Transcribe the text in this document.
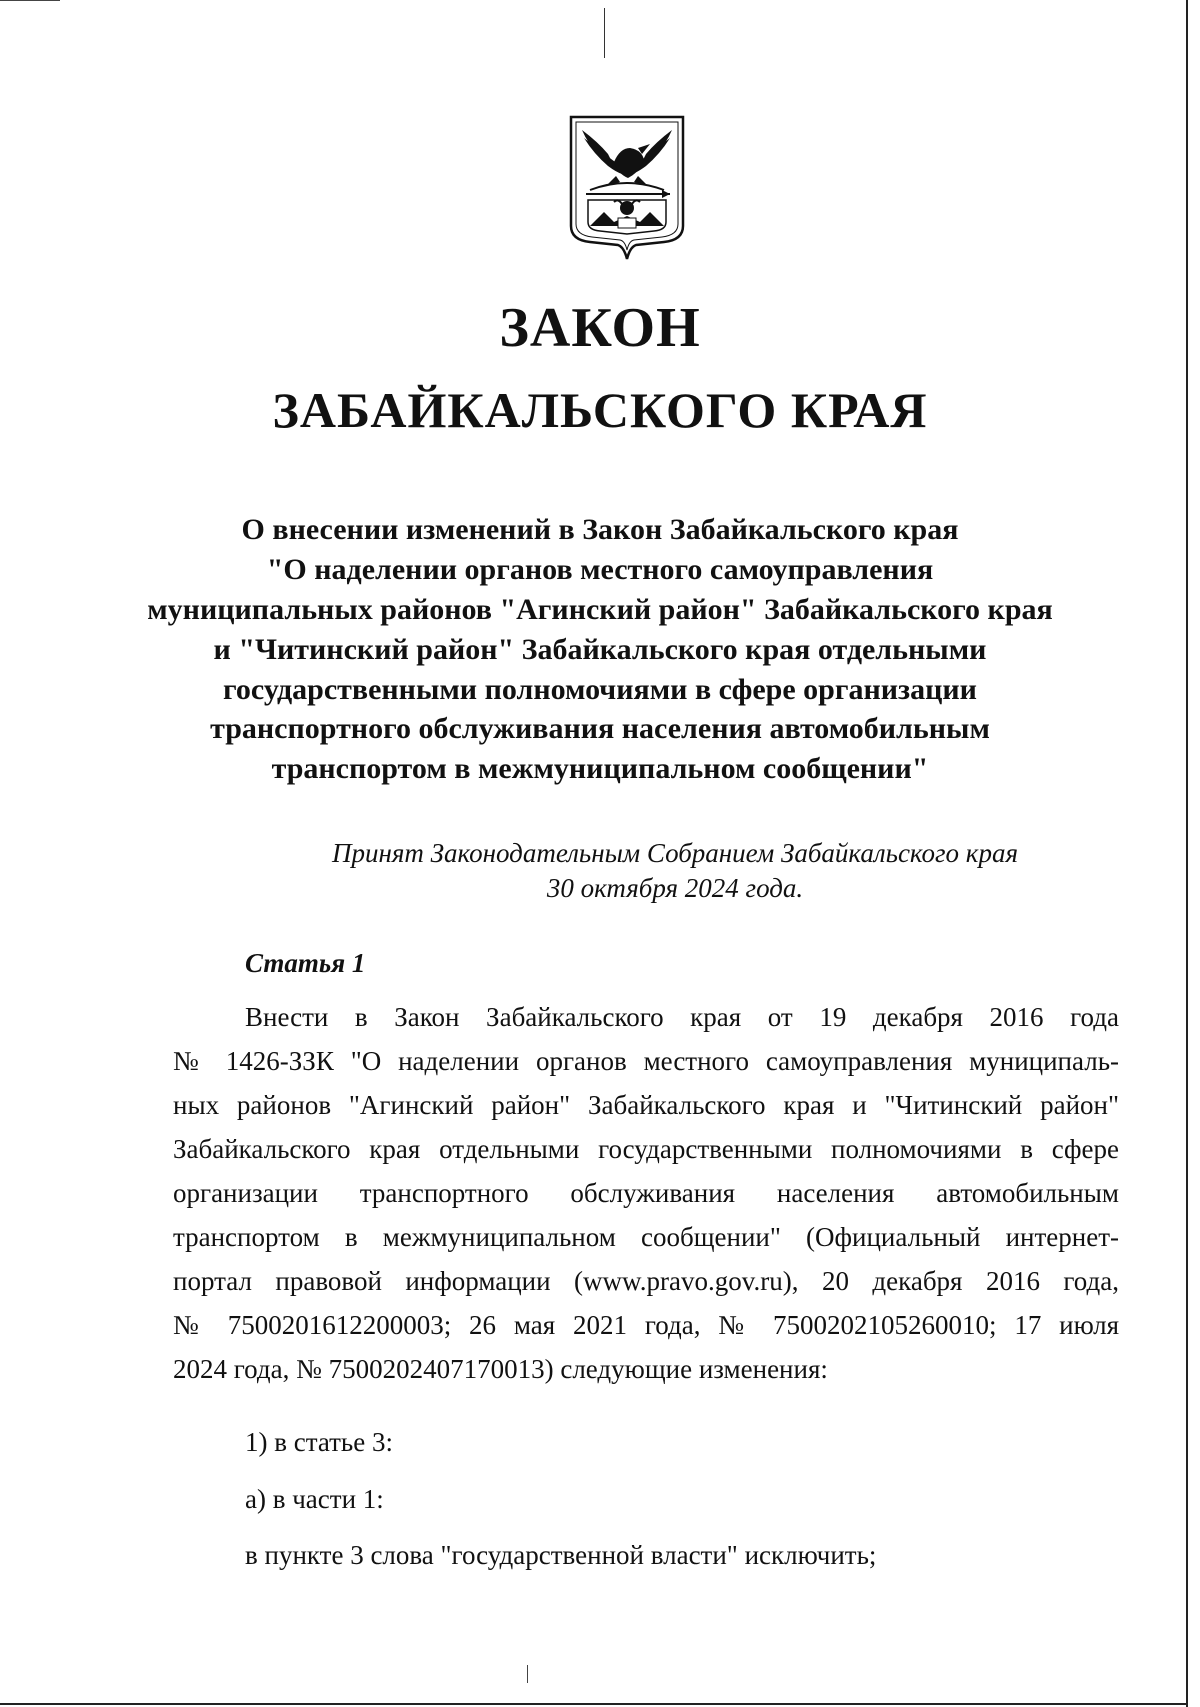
ЗАКОН
ЗАБАЙКАЛЬСКОГО КРАЯ
О внесении изменений в Закон Забайкальского края
"О наделении органов местного самоуправления
муниципальных районов "Агинский район" Забайкальского края
и "Читинский район" Забайкальского края отдельными
государственными полномочиями в сфере организации
транспортного обслуживания населения автомобильным
транспортом в межмуниципальном сообщении"
Принят Законодательным Собранием Забайкальского края
30 октября 2024 года.
Статья 1
Внести в Закон Забайкальского края от 19 декабря 2016 года
№ 1426-ЗЗК "О наделении органов местного самоуправления муниципаль-
ных районов "Агинский район" Забайкальского края и "Читинский район"
Забайкальского края отдельными государственными полномочиями в сфере
организации транспортного обслуживания населения автомобильным
транспортом в межмуниципальном сообщении" (Официальный интернет-
портал правовой информации (www.pravo.gov.ru), 20 декабря 2016 года,
№ 7500201612200003; 26 мая 2021 года, № 7500202105260010; 17 июля
2024 года, № 7500202407170013) следующие изменения:
1) в статье 3:
а) в части 1:
в пункте 3 слова "государственной власти" исключить;
